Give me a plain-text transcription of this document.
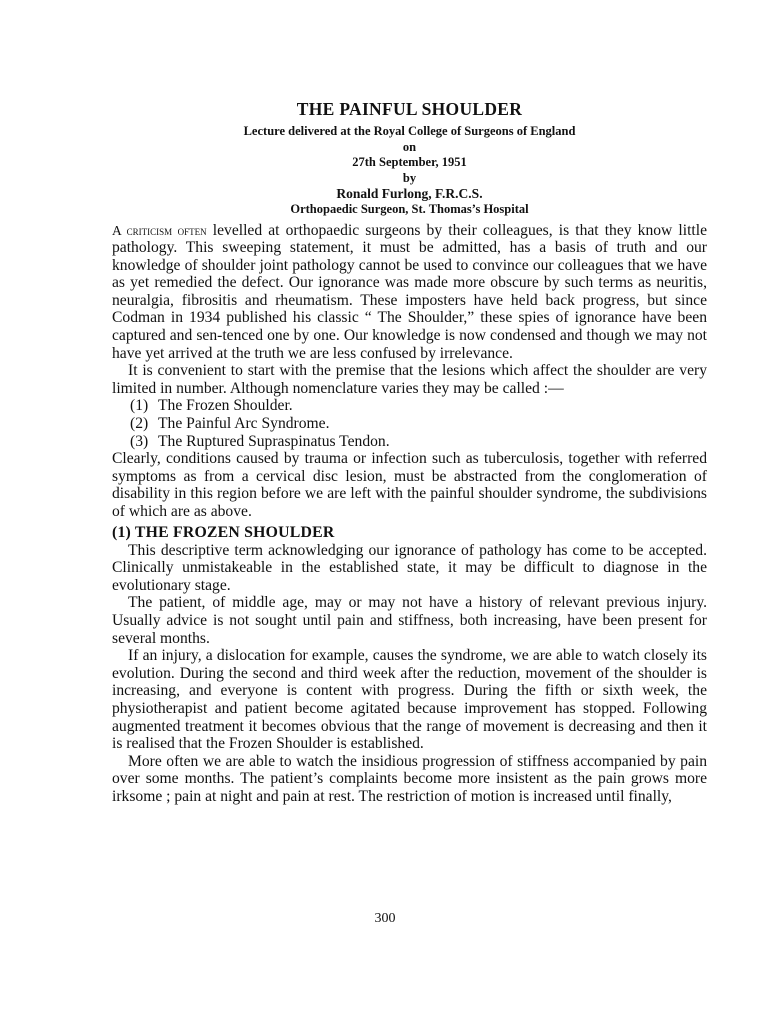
THE PAINFUL SHOULDER
Lecture delivered at the Royal College of Surgeons of England
on
27th September, 1951
by
Ronald Furlong, F.R.C.S.
Orthopaedic Surgeon, St. Thomas’s Hospital

A criticism often levelled at orthopaedic surgeons by their colleagues, is that they know little pathology. This sweeping statement, it must be admitted, has a basis of truth and our knowledge of shoulder joint pathology cannot be used to convince our colleagues that we have as yet remedied the defect. Our ignorance was made more obscure by such terms as neuritis, neuralgia, fibrositis and rheumatism. These imposters have held back progress, but since Codman in 1934 published his classic “ The Shoulder,” these spies of ignorance have been captured and sen-tenced one by one. Our knowledge is now condensed and though we may not have yet arrived at the truth we are less confused by irrelevance.

It is convenient to start with the premise that the lesions which affect the shoulder are very limited in number. Although nomenclature varies they may be called :—

(1) The Frozen Shoulder.
(2) The Painful Arc Syndrome.
(3) The Ruptured Supraspinatus Tendon.

Clearly, conditions caused by trauma or infection such as tuberculosis, together with referred symptoms as from a cervical disc lesion, must be abstracted from the conglomeration of disability in this region before we are left with the painful shoulder syndrome, the subdivisions of which are as above.

(1) THE FROZEN SHOULDER

This descriptive term acknowledging our ignorance of pathology has come to be accepted. Clinically unmistakeable in the established state, it may be difficult to diagnose in the evolutionary stage.

The patient, of middle age, may or may not have a history of relevant previous injury. Usually advice is not sought until pain and stiffness, both increasing, have been present for several months.

If an injury, a dislocation for example, causes the syndrome, we are able to watch closely its evolution. During the second and third week after the reduction, movement of the shoulder is increasing, and everyone is content with progress. During the fifth or sixth week, the physiotherapist and patient become agitated because improvement has stopped. Following augmented treatment it becomes obvious that the range of movement is decreasing and then it is realised that the Frozen Shoulder is established.

More often we are able to watch the insidious progression of stiffness accompanied by pain over some months. The patient’s complaints become more insistent as the pain grows more irksome ; pain at night and pain at rest. The restriction of motion is increased until finally,

300
